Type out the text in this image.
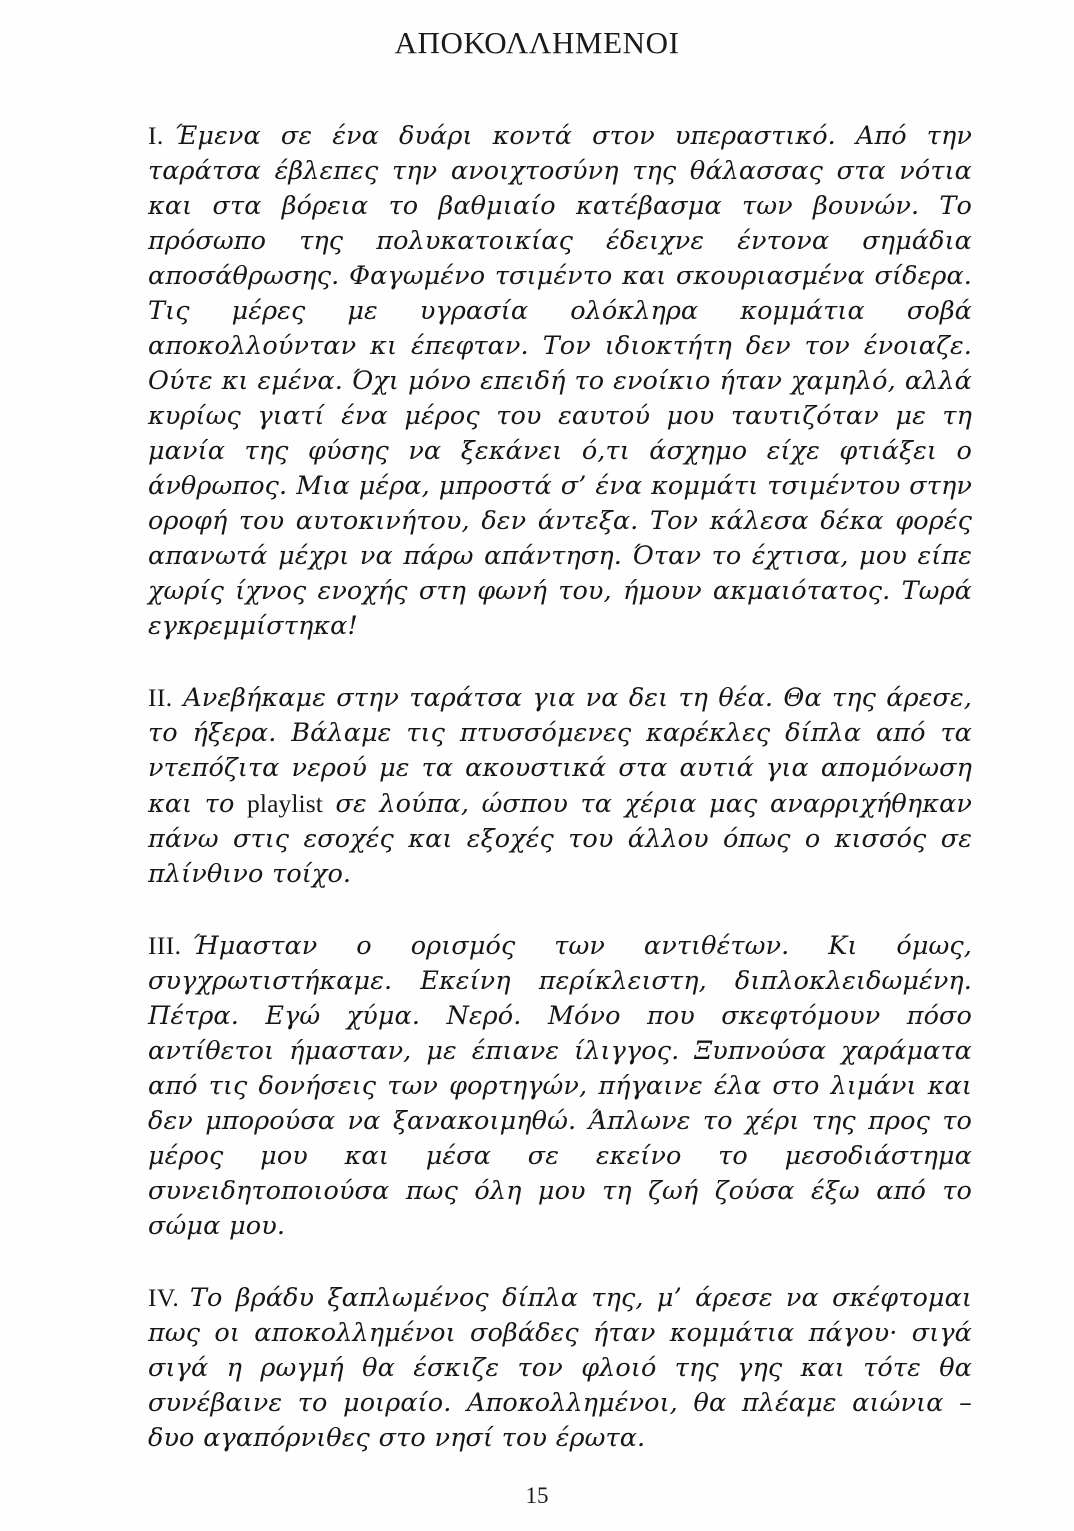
ΑΠΟΚΟΛΛΗΜΕΝΟΙ

I. Έμενα σε ένα δυάρι κοντά στον υπεραστικό. Από την ταράτσα έβλεπες την ανοιχτοσύνη της θάλασσας στα νότια και στα βόρεια το βαθμιαίο κατέβασμα των βουνών. Το πρόσωπο της πολυκατοικίας έδειχνε έντονα σημάδια αποσάθρωσης. Φαγωμένο τσιμέντο και σκουριασμένα σίδερα. Τις μέρες με υγρασία ολόκληρα κομμάτια σοβά αποκολλούνταν κι έπεφταν. Τον ιδιοκτήτη δεν τον ένοιαζε. Ούτε κι εμένα. Όχι μόνο επειδή το ενοίκιο ήταν χαμηλό, αλλά κυρίως γιατί ένα μέρος του εαυτού μου ταυτιζόταν με τη μανία της φύσης να ξεκάνει ό,τι άσχημο είχε φτιάξει ο άνθρωπος. Μια μέρα, μπροστά σ’ ένα κομμάτι τσιμέντου στην οροφή του αυτοκινήτου, δεν άντεξα. Τον κάλεσα δέκα φορές απανωτά μέχρι να πάρω απάντηση. Όταν το έχτισα, μου είπε χωρίς ίχνος ενοχής στη φωνή του, ήμουν ακμαιότατος. Τωρά εγκρεμμίστηκα!

II. Ανεβήκαμε στην ταράτσα για να δει τη θέα. Θα της άρεσε, το ήξερα. Βάλαμε τις πτυσσόμενες καρέκλες δίπλα από τα ντεπόζιτα νερού με τα ακουστικά στα αυτιά για απομόνωση και το playlist σε λούπα, ώσπου τα χέρια μας αναρριχήθηκαν πάνω στις εσοχές και εξοχές του άλλου όπως ο κισσός σε πλίνθινο τοίχο.

III. Ήμασταν ο ορισμός των αντιθέτων. Κι όμως, συγχρωτιστήκαμε. Εκείνη περίκλειστη, διπλοκλειδωμένη. Πέτρα. Εγώ χύμα. Νερό. Μόνο που σκεφτόμουν πόσο αντίθετοι ήμασταν, με έπιανε ίλιγγος. Ξυπνούσα χαράματα από τις δονήσεις των φορτηγών, πήγαινε έλα στο λιμάνι και δεν μπορούσα να ξανακοιμηθώ. Άπλωνε το χέρι της προς το μέρος μου και μέσα σε εκείνο το μεσοδιάστημα συνειδητοποιούσα πως όλη μου τη ζωή ζούσα έξω από το σώμα μου.

IV. Το βράδυ ξαπλωμένος δίπλα της, μ’ άρεσε να σκέφτομαι πως οι αποκολλημένοι σοβάδες ήταν κομμάτια πάγου· σιγά σιγά η ρωγμή θα έσκιζε τον φλοιό της γης και τότε θα συνέβαινε το μοιραίο. Αποκολλημένοι, θα πλέαμε αιώνια – δυο αγαπόρνιθες στο νησί του έρωτα.

15
